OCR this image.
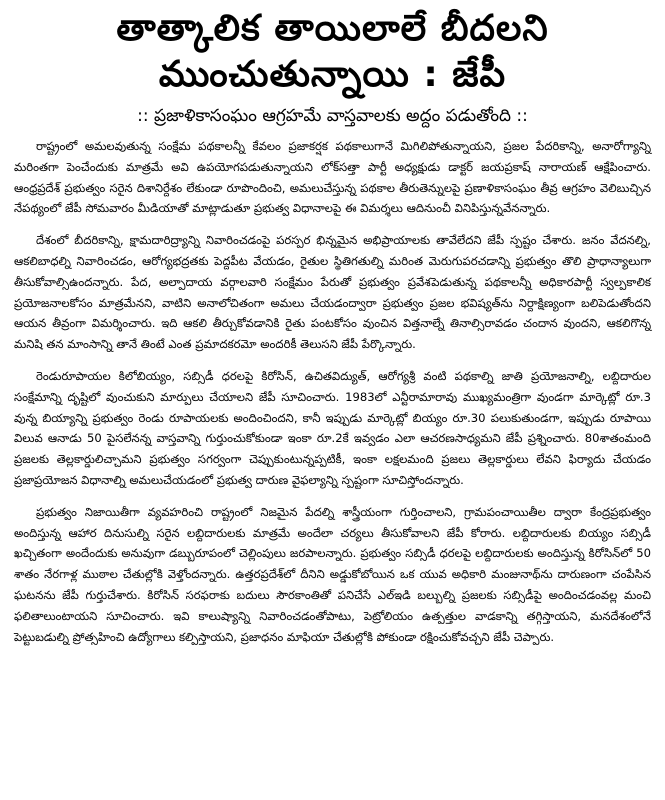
తాత్కాలిక తాయిలాలే బీదలని
ముంచుతున్నాయి : జేపీ
:: ప్రజాళికాసంఘం ఆగ్రహమే వాస్తవాలకు అద్దం పడుతోంది ::

రాష్ట్రంలో అమలవుతున్న సంక్షేమ పథకాలన్నీ కేవలం ప్రజాకర్షక పథకాలుగానే మిగిలిపోతున్నాయని, ప్రజల పేదరికాన్ని, అనారోగ్యాన్ని మరింతగా పెంచేందుకు మాత్రమే అవి ఉపయోగపడుతున్నాయని లోక్‌సత్తా పార్టీ అధ్యక్షుడు డాక్టర్ జయప్రకాష్ నారాయణ్ ఆక్షేపించారు. ఆంధ్రప్రదేశ్ ప్రభుత్వం సరైన దిశానిర్దేశం లేకుండా రూపొందించి, అమలుచేస్తున్న పథకాల తీరుతెన్నులపై ప్రణాళికాసంఘం తీవ్ర ఆగ్రహం వెలిబుచ్చిన నేపథ్యంలో జేపీ సోమవారం మీడియాతో మాట్లాడుతూ ప్రభుత్వ విధానాలపై ఈ విమర్శలు ఆదినుంచీ వినిపిస్తున్నవేనన్నారు.

దేశంలో బీదరికాన్ని, క్షామదారిద్ర్యాన్ని నివారించడంపై పరస్పర భిన్నమైన అభిప్రాయాలకు తావేలేదని జేపీ స్పష్టం చేశారు. జనం వేదనల్ని, ఆకలిబాధల్ని నివారించడం, ఆరోగ్యభద్రతకు పెద్దపీట వేయడం, రైతుల స్థితిగతుల్ని మరింత మెరుగుపరచడాన్ని ప్రభుత్వం తొలి ప్రాధాన్యాలుగా తీసుకోవాల్సిఉందన్నారు. పేద, అల్పాదాయ వర్గాలవారి సంక్షేమం పేరుతో ప్రభుత్వం ప్రవేశపెడుతున్న పథకాలన్నీ అధికారపార్టీ స్వల్పకాలిక ప్రయోజనాలకోసం మాత్రమేనని, వాటిని అనాలోచితంగా అమలు చేయడంద్వారా ప్రభుత్వం ప్రజల భవిష్యత్‌ను నిర్దాక్షిణ్యంగా బలిపెడుతోందని ఆయన తీవ్రంగా విమర్శించారు. ఇది ఆకలి తీర్చుకోవడానికి రైతు పంటకోసం వుంచిన విత్తనాల్నే తినాల్సిరావడం చందాన వుందని, ఆకలిగొన్న మనిషి తన మాంసాన్ని తానే తింటే ఎంత ప్రమాదకరమో అందరికీ తెలుసని జేపీ పేర్కొన్నారు.

రెండురూపాయల కిలోబియ్యం, సబ్సిడీ ధరలపై కిరోసిన్, ఉచితవిద్యుత్, ఆరోగ్యశ్రీ వంటి పథకాల్ని జాతి ప్రయోజనాల్ని, లబ్దిదారుల సంక్షేమాన్ని దృష్టిలో వుంచుకుని మార్పులు చేయాలని జేపీ సూచించారు. 1983లో ఎన్టీరామారావు ముఖ్యమంత్రిగా వుండగా మార్కెట్లో రూ.3 వున్న బియ్యాన్ని ప్రభుత్వం రెండు రూపాయలకు అందించిందని, కానీ ఇప్పుడు మార్కెట్లో బియ్యం రూ.30 పలుకుతుండగా, ఇప్పుడు రూపాయి విలువ ఆనాడు 50 పైసలేనన్న వాస్తవాన్ని గుర్తుంచుకోకుండా ఇంకా రూ.2కే ఇవ్వడం ఎలా ఆచరణసాధ్యమని జేపీ ప్రశ్నించారు. 80శాతంమంది ప్రజలకు తెల్లకార్డులిచ్చామని ప్రభుత్వం సగర్వంగా చెప్పుకుంటున్నప్పటికీ, ఇంకా లక్షలమంది ప్రజలు తెల్లకార్డులు లేవని ఫిర్యాదు చేయడం ప్రజాప్రయోజన విధానాల్ని అమలుచేయడంలో ప్రభుత్వ దారుణ వైఫల్యాన్ని స్పష్టంగా సూచిస్తోందన్నారు.

ప్రభుత్వం నిజాయితీగా వ్యవహరించి రాష్ట్రంలో నిజమైన పేదల్ని శాస్త్రీయంగా గుర్తించాలని, గ్రామపంచాయితీల ద్వారా కేంద్రప్రభుత్వం అందిస్తున్న ఆహార దినుసుల్ని సరైన లబ్దిదారులకు మాత్రమే అందేలా చర్యలు తీసుకోవాలని జేపీ కోరారు. లబ్దిదారులకు బియ్యం సబ్సిడీ ఖచ్చితంగా అందేందుకు అనువుగా డబ్బురూపంలో చెల్లింపులు జరపాలన్నారు. ప్రభుత్వం సబ్సిడీ ధరలపై లబ్దిదారులకు అందిస్తున్న కిరోసిన్‌లో 50 శాతం నేరగాళ్ల ముఠాల చేతుల్లోకి వెళ్తోందన్నారు. ఉత్తరప్రదేశ్‌లో దీనిని అడ్డుకోబోయిన ఒక యువ అధికారి మంజునాథ్‌ను దారుణంగా చంపేసిన ఘటనను జేపీ గుర్తుచేశారు. కిరోసిన్ సరఫరాకు బదులు సౌరకాంతితో పనిచేసే ఎల్ఇడి బల్బుల్ని ప్రజలకు సబ్సిడీపై అందించడంవల్ల మంచి ఫలితాలుంటాయని సూచించారు. ఇవి కాలుష్యాన్ని నివారించడంతోపాటు, పెట్రోలియం ఉత్పత్తుల వాడకాన్ని తగ్గిస్తాయని, మనదేశంలోనే పెట్టుబడుల్ని ప్రోత్సహించి ఉద్యోగాలు కల్పిస్తాయని, ప్రజాధనం మాఫియా చేతుల్లోకి పోకుండా రక్షించుకోవచ్చని జేపీ చెప్పారు.
